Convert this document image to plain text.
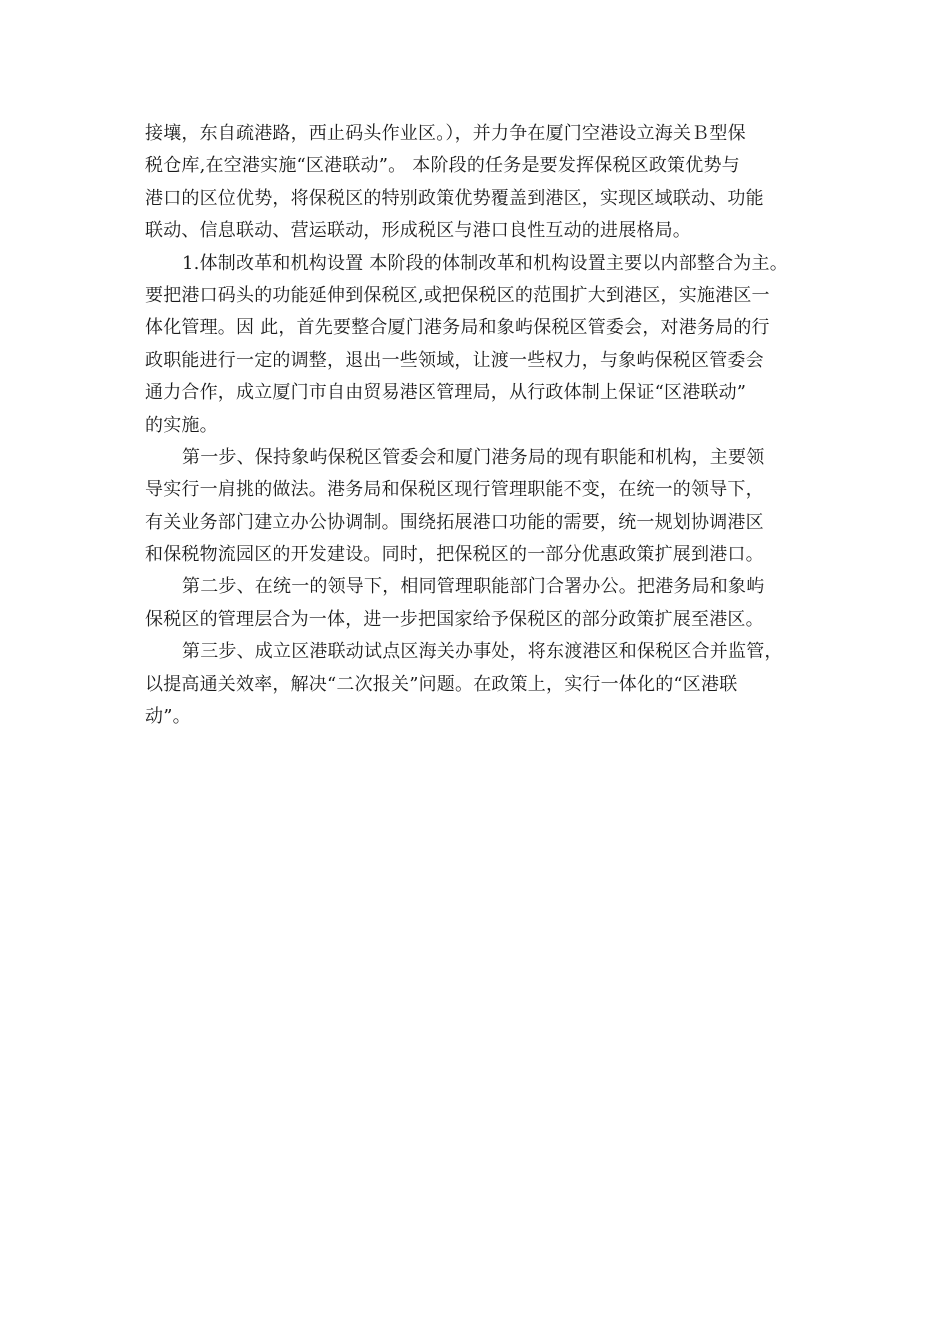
接壤，东自疏港路，西止码头作业区。），并力争在厦门空港设立海关Ｂ型保
税仓库,在空港实施“区港联动”。 本阶段的任务是要发挥保税区政策优势与
港口的区位优势，将保税区的特别政策优势覆盖到港区，实现区域联动、功能
联动、信息联动、营运联动，形成税区与港口良性互动的进展格局。
1.体制改革和机构设置 本阶段的体制改革和机构设置主要以内部整合为主。
要把港口码头的功能延伸到保税区,或把保税区的范围扩大到港区，实施港区一
体化管理。因 此，首先要整合厦门港务局和象屿保税区管委会，对港务局的行
政职能进行一定的调整，退出一些领域，让渡一些权力，与象屿保税区管委会
通力合作，成立厦门市自由贸易港区管理局，从行政体制上保证“区港联动”
的实施。
第一步、保持象屿保税区管委会和厦门港务局的现有职能和机构，主要领
导实行一肩挑的做法。港务局和保税区现行管理职能不变，在统一的领导下，
有关业务部门建立办公协调制。围绕拓展港口功能的需要，统一规划协调港区
和保税物流园区的开发建设。同时，把保税区的一部分优惠政策扩展到港口。
第二步、在统一的领导下，相同管理职能部门合署办公。把港务局和象屿
保税区的管理层合为一体，进一步把国家给予保税区的部分政策扩展至港区。
第三步、成立区港联动试点区海关办事处，将东渡港区和保税区合并监管，
以提高通关效率，解决“二次报关”问题。在政策上，实行一体化的“区港联
动”。
